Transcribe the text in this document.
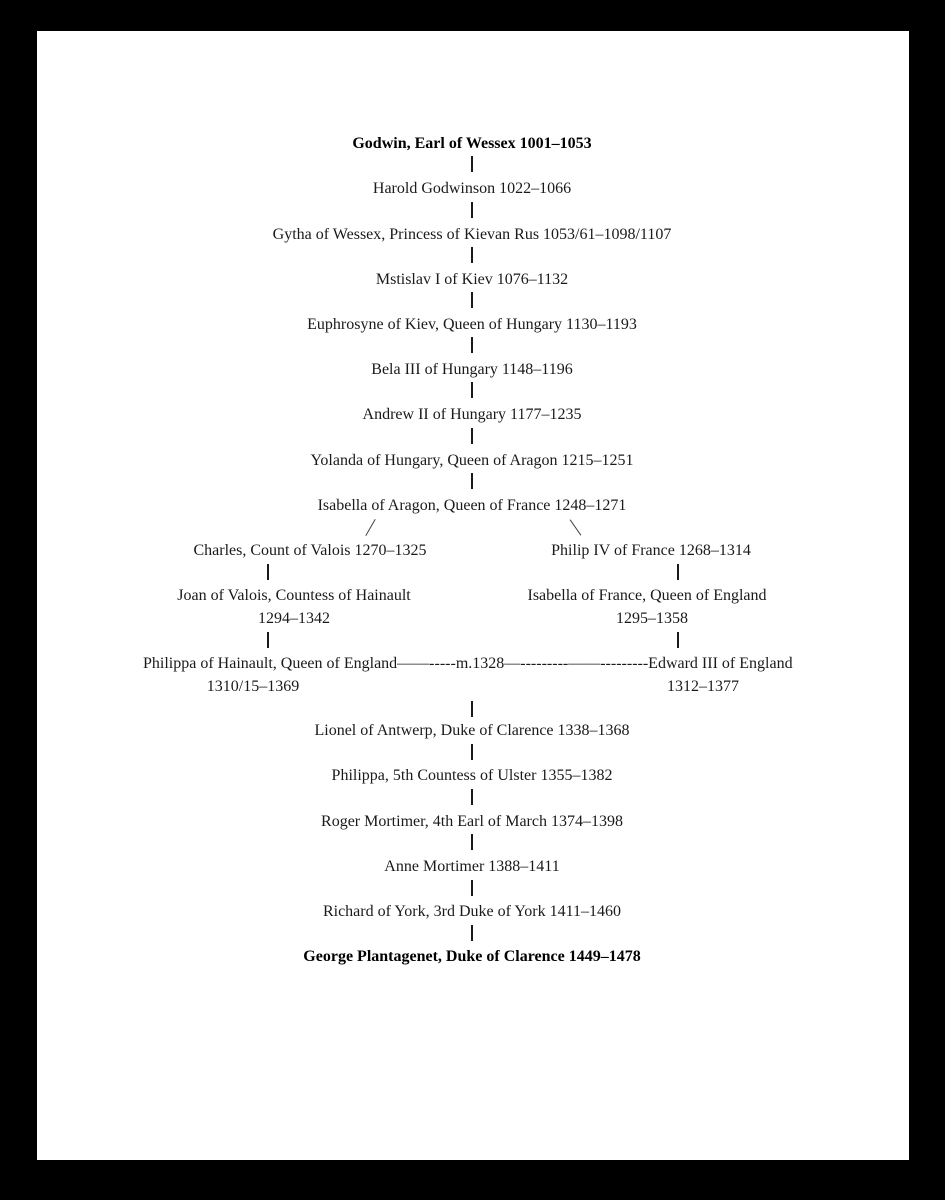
Godwin, Earl of Wessex 1001–1053
Harold Godwinson 1022–1066
Gytha of Wessex, Princess of Kievan Rus 1053/61–1098/1107
Mstislav I of Kiev 1076–1132
Euphrosyne of Kiev, Queen of Hungary 1130–1193
Bela III of Hungary 1148–1196
Andrew II of Hungary 1177–1235
Yolanda of Hungary, Queen of Aragon 1215–1251
Isabella of Aragon, Queen of France 1248–1271
Charles, Count of Valois 1270–1325
Joan of Valois, Countess of Hainault
1294–1342
Philip IV of France 1268–1314
Isabella of France, Queen of England
1295–1358
Philippa of Hainault, Queen of England——-----m.1328—---------——---------Edward III of England
1310/15–1369	1312–1377
Lionel of Antwerp, Duke of Clarence 1338–1368
Philippa, 5th Countess of Ulster 1355–1382
Roger Mortimer, 4th Earl of March 1374–1398
Anne Mortimer 1388–1411
Richard of York, 3rd Duke of York 1411–1460
George Plantagenet, Duke of Clarence 1449–1478
